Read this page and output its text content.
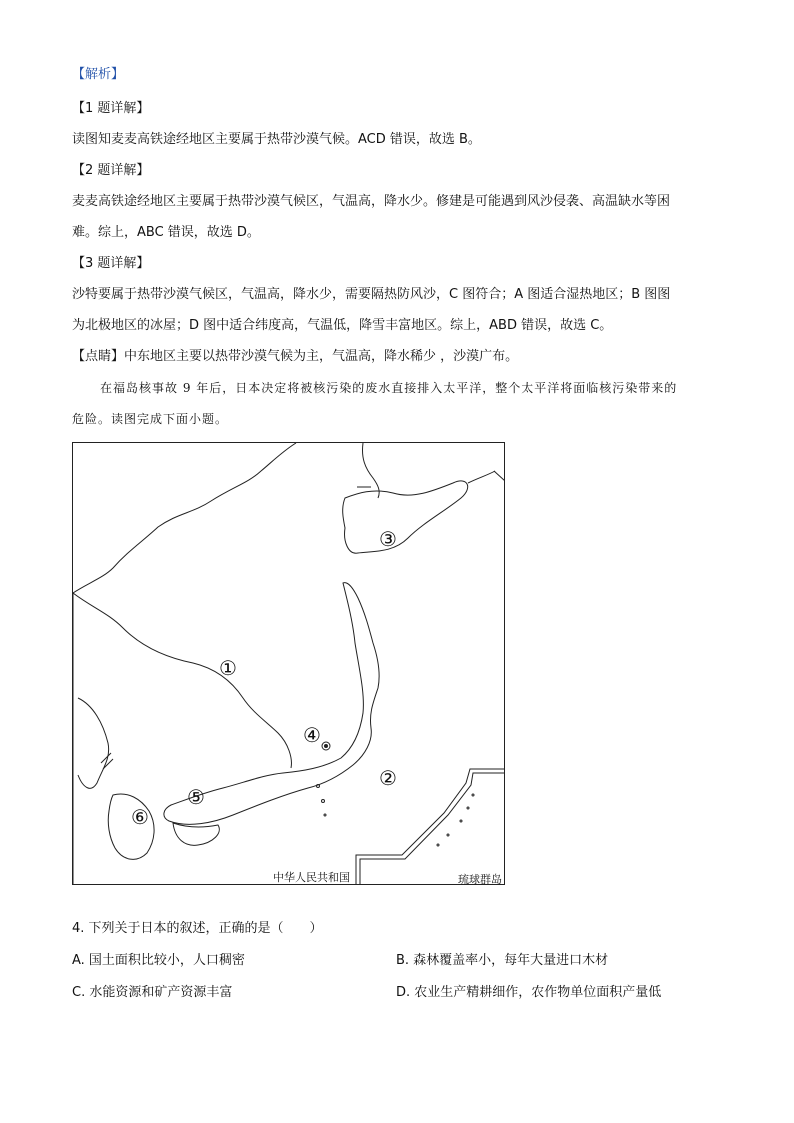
【解析】
【1 题详解】
读图知麦麦高铁途经地区主要属于热带沙漠气候。ACD 错误，故选 B。
【2 题详解】
麦麦高铁途经地区主要属于热带沙漠气候区，气温高，降水少。修建是可能遇到风沙侵袭、高温缺水等困
难。综上，ABC 错误，故选 D。
【3 题详解】
沙特要属于热带沙漠气候区，气温高，降水少，需要隔热防风沙，C 图符合；A 图适合湿热地区；B 图图
为北极地区的冰屋；D 图中适合纬度高，气温低，降雪丰富地区。综上，ABD 错误，故选 C。
【点睛】中东地区主要以热带沙漠气候为主，气温高，降水稀少 ，沙漠广布。
在福岛核事故 9 年后，日本决定将被核污染的废水直接排入太平洋，整个太平洋将面临核污染带来的
危险。读图完成下面小题。
①
②
③
④
⑤
⑥
中华人民共和国	琉球群岛
4. 下列关于日本的叙述，正确的是（　　）
A. 国土面积比较小，人口稠密	B. 森林覆盖率小，每年大量进口木材
C. 水能资源和矿产资源丰富	D. 农业生产精耕细作，农作物单位面积产量低
